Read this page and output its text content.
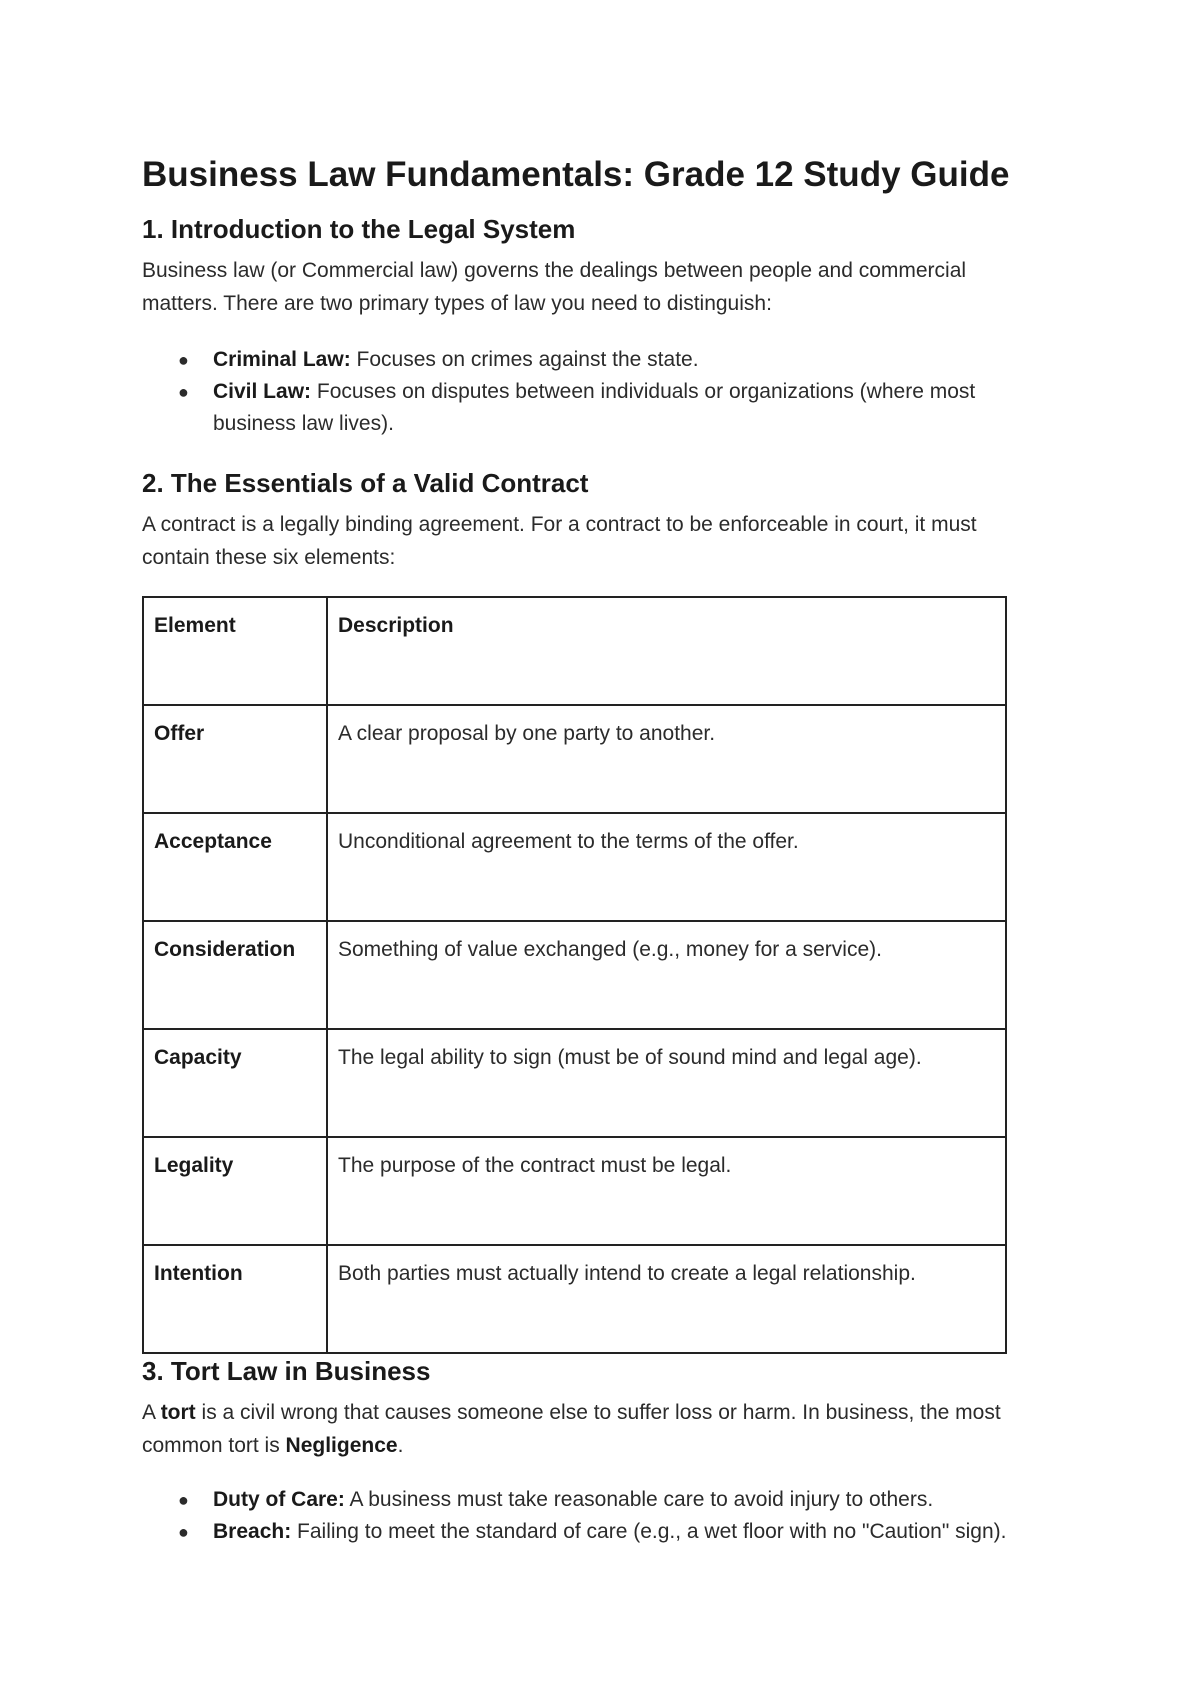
Business Law Fundamentals: Grade 12 Study Guide
1. Introduction to the Legal System

Business law (or Commercial law) governs the dealings between people and commercial matters. There are two primary types of law you need to distinguish:

● Criminal Law: Focuses on crimes against the state.
● Civil Law: Focuses on disputes between individuals or organizations (where most business law lives).
2. The Essentials of a Valid Contract

A contract is a legally binding agreement. For a contract to be enforceable in court, it must contain these six elements:

Element	Description
Offer	A clear proposal by one party to another.
Acceptance	Unconditional agreement to the terms of the offer.
Consideration	Something of value exchanged (e.g., money for a service).
Capacity	The legal ability to sign (must be of sound mind and legal age).
Legality	The purpose of the contract must be legal.
Intention	Both parties must actually intend to create a legal relationship.
3. Tort Law in Business

A tort is a civil wrong that causes someone else to suffer loss or harm. In business, the most common tort is Negligence.

● Duty of Care: A business must take reasonable care to avoid injury to others.
● Breach: Failing to meet the standard of care (e.g., a wet floor with no "Caution" sign).
